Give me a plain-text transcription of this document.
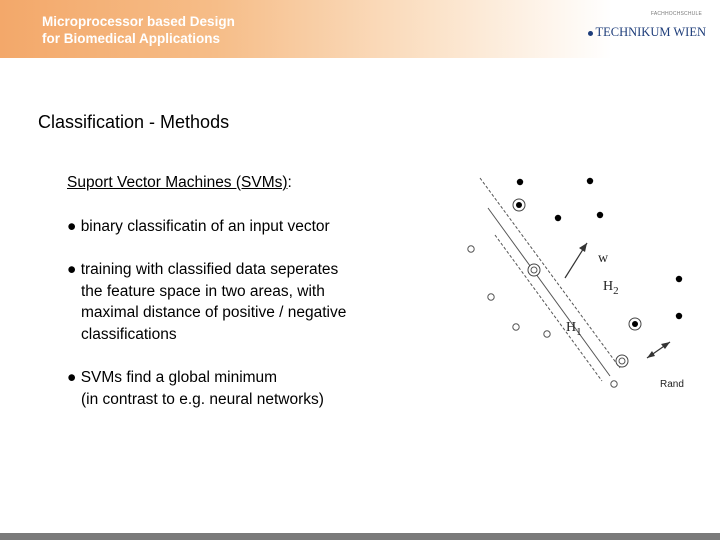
Microprocessor based Design
for Biomedical Applications
FACHHOCHSCHULE
TECHNIKUM WIEN
Classification - Methods
Suport Vector Machines (SVMs):
● binary classificatin of an input vector
● training with classified data seperates
the feature space in two areas, with
maximal distance of positive / negative
classifications
● SVMs find a global minimum
(in contrast to e.g. neural networks)
w
$H_2$
$H_1$
Rand
